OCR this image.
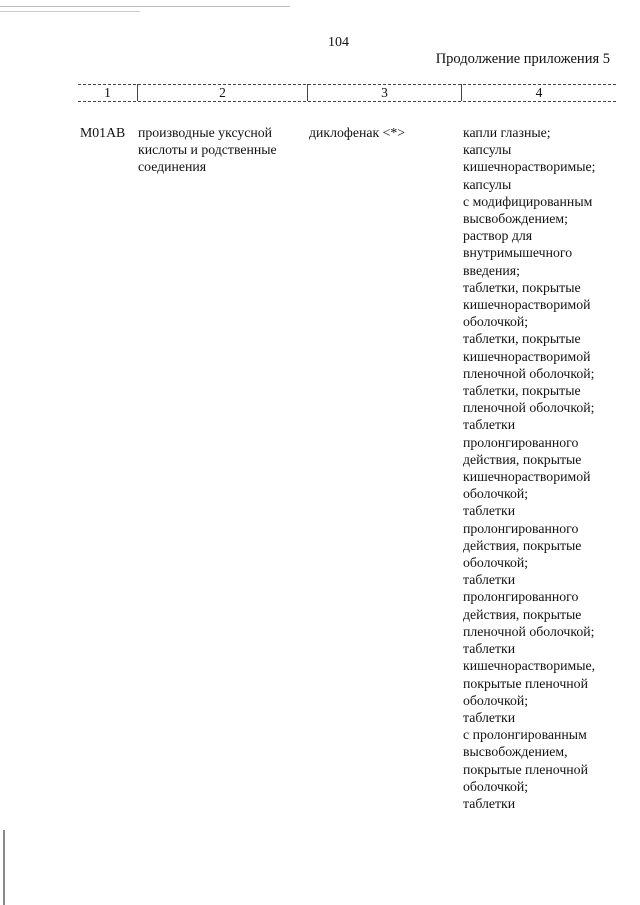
104
Продолжение приложения 5
1	2	3	4
M01AB производные уксусной
кислоты и родственные
соединения
диклофенак <*>	капли глазные;
капсулы
кишечнорастворимые;
капсулы
с модифицированным
высвобождением;
раствор для
внутримышечного
введения;
таблетки, покрытые
кишечнорастворимой
оболочкой;
таблетки, покрытые
кишечнорастворимой
пленочной оболочкой;
таблетки, покрытые
пленочной оболочкой;
таблетки
пролонгированного
действия, покрытые
кишечнорастворимой
оболочкой;
таблетки
пролонгированного
действия, покрытые
оболочкой;
таблетки
пролонгированного
действия, покрытые
пленочной оболочкой;
таблетки
кишечнорастворимые,
покрытые пленочной
оболочкой;
таблетки
с пролонгированным
высвобождением,
покрытые пленочной
оболочкой;
таблетки
